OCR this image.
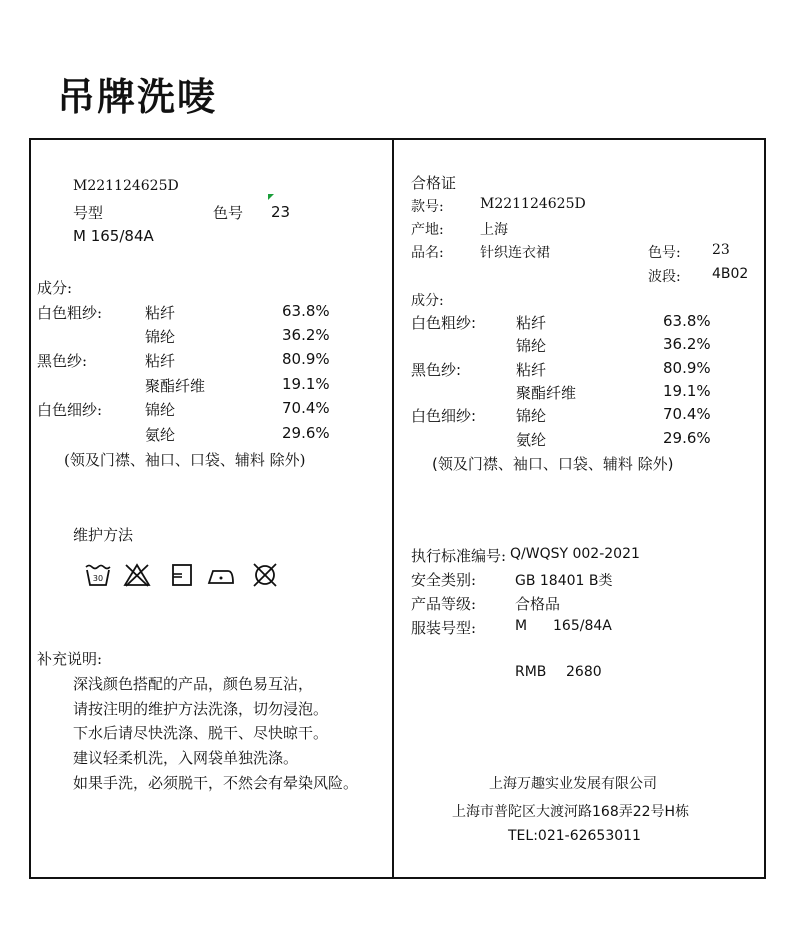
吊牌洗唛
M221124625D
号型	色号 23
M 165/84A
成分:
白色粗纱:	粘纤	63.8%
锦纶	36.2%
黑色纱:	粘纤	80.9%
聚酯纤维	19.1%
白色细纱:	锦纶	70.4%
氨纶	29.6%
(领及门襟、袖口、口袋、辅料 除外)
维护方法
30
补充说明:
深浅颜色搭配的产品，颜色易互沾，
请按注明的维护方法洗涤，切勿浸泡。
下水后请尽快洗涤、脱干、尽快晾干。
建议轻柔机洗，入网袋单独洗涤。
如果手洗，必须脱干，不然会有晕染风险。
合格证
款号:	M221124625D
产地:	上海
品名:	针织连衣裙	色号: 23
波段: 4B02
成分:
白色粗纱:	粘纤	63.8%
锦纶	36.2%
黑色纱:	粘纤	80.9%
聚酯纤维	19.1%
白色细纱:	锦纶	70.4%
氨纶	29.6%
(领及门襟、袖口、口袋、辅料 除外)
执行标准编号: Q/WQSY 002-2021
安全类别:	GB 18401 B类
产品等级:	合格品
服装号型:	M 165/84A
RMB 2680
上海万趣实业发展有限公司
上海市普陀区大渡河路168弄22号H栋
TEL:021-62653011
